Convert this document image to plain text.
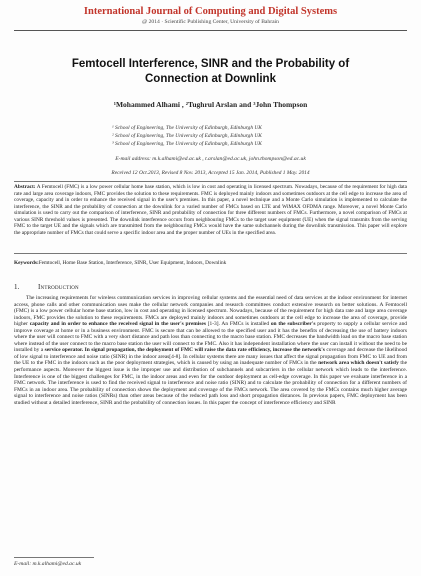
International Journal of Computing and Digital Systems
@ 2014 · Scientific Publishing Center, University of Bahrain
Femtocell Interference, SINR and the Probability of
Connection at Downlink
¹Mohammed Alhami , ²Tughrul Arslan and ³John Thompson
¹ School of Engineering, The University of Edinburgh, Edinburgh UK
² School of Engineering, The University of Edinburgh, Edinburgh UK
³ School of Engineering, The University of Edinburgh, Edinburgh UK
E-mail address: m.k.alhami@ed.ac.uk , t.arslan@ed.ac.uk, john.thompson@ed.ac.uk
Received 12 Oct.2013, Revised 8 Nov. 2013, Accepted 15 Jan. 2014, Published 1 May. 2014
Abstract: A Femtocell (FMC) is a low power cellular home base station, which is low in cost and operating in licensed spectrum. Nowadays, because of the requirement for high data rate and large area coverage indoors, FMC provides the solution to these requirements. FMC is deployed mainly indoors and sometimes outdoors at the cell edge to increase the area of coverage, capacity and in order to enhance the received signal in the user's premises. In this paper, a novel technique and a Monte Carlo simulation is implemented to calculate the interference, the SINR and the probability of connection at the downlink for a varied number of FMCs based on LTE and WiMAX OFDMA range. Moreover, a novel Monte Carlo simulation is used to carry out the comparison of interference, SINR and probability of connection for three different numbers of FMCs. Furthermore, a novel comparison of FMCs at various SINR threshold values is presented. The downlink interference occurs from neighbouring FMCs to the target user equipment (UE) when the signal transmits from the serving FMC to the target UE and the signals which are transmitted from the neighbouring FMCs would have the same subchannels during the downlink transmission. This paper will explore the appropriate number of FMCs that could serve a specific indoor area and the proper number of UEs in the specified area.
Keywords:Femtocell, Home Base Station, Interference, SINR, User Equipment, Indoors, Downlink
1.	Introduction
The increasing requirements for wireless communication services in improving cellular systems and the essential need of data services at the indoor environment for internet access, phone calls and other communication uses make the cellular network companies and research committees conduct extensive research on better solutions. A Femtocell (FMC) is a low power cellular home base station, low in cost and operating in licensed spectrum. Nowadays, because of the requirement for high data rate and large area coverage indoors, FMC provides the solution to these requirements. FMCs are deployed mainly indoors and sometimes outdoors at the cell edge to increase the area of coverage, provide higher capacity and in order to enhance the received signal in the user's premises [1-3]. An FMCs is installed on the subscriber's property to supply a cellular service and improve coverage at home or in a business environment. FMC is secure that can be allowed to the specified user and it has the benefits of decreasing the use of battery indoors where the user will connect to FMC with a very short distance and path loss than connecting to the macro base station. FMC decreases the bandwidth load on the macro base station where instead of the user connect to the macro base station the user will connect to the FMC. Also it has independent installation where the user can install it without the need to be installed by a service operator. In signal propagation, the deployment of FMC will raise the data rate efficiency, increase the network's coverage and decrease the likelihood of low signal to interference and noise ratio (SINR) in the indoor areas[4-8]. In cellular systems there are many issues that affect the signal propagation from FMC to UE and from the UE to the FMC in the indoors such as the poor deployment strategies, which is caused by using an inadequate number of FMCs in the network area which doesn't satisfy the performance aspects. Moreover the biggest issue is the improper use and distribution of subchannels and subcarriers in the cellular network which leads to the interference. Interference is one of the biggest challenges for FMC, in the indoor areas and even for the outdoor deployment as cell-edge coverage. In this paper we evaluate interference in a FMC network. The interference is used to find the received signal to interference and noise ratio (SINR) and to calculate the probability of connection for a different numbers of FMCs in an indoor area. The probability of connection shows the deployment and coverage of the FMCs network. The area covered by the FMCs contains much higher average signal to interference and noise ratios (SINRs) than other areas because of the reduced path loss and short propagation distances. In previous papers, FMC deployment has been studied without a detailed interference, SINR and the probability of connection issues. In this paper the concept of interference efficiency and SINR
E-mail: m.k.alhami@ed.ac.uk
